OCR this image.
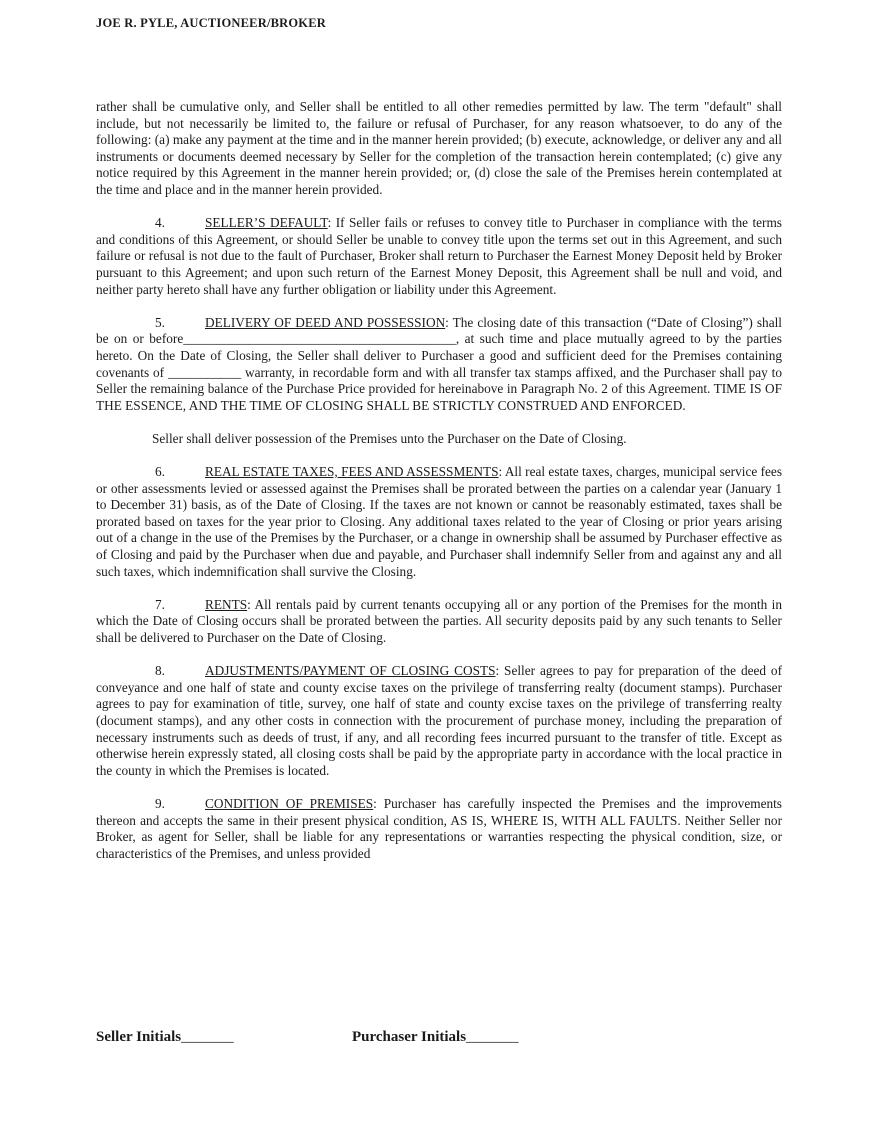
JOE R. PYLE, AUCTIONEER/BROKER

rather shall be cumulative only, and Seller shall be entitled to all other remedies permitted by law. The term "default" shall include, but not necessarily be limited to, the failure or refusal of Purchaser, for any reason whatsoever, to do any of the following: (a) make any payment at the time and in the manner herein provided; (b) execute, acknowledge, or deliver any and all instruments or documents deemed necessary by Seller for the completion of the transaction herein contemplated; (c) give any notice required by this Agreement in the manner herein provided; or, (d) close the sale of the Premises herein contemplated at the time and place and in the manner herein provided.

4.	SELLER’S DEFAULT: If Seller fails or refuses to convey title to Purchaser in compliance with the terms and conditions of this Agreement, or should Seller be unable to convey title upon the terms set out in this Agreement, and such failure or refusal is not due to the fault of Purchaser, Broker shall return to Purchaser the Earnest Money Deposit held by Broker pursuant to this Agreement; and upon such return of the Earnest Money Deposit, this Agreement shall be null and void, and neither party hereto shall have any further obligation or liability under this Agreement.

5.	DELIVERY OF DEED AND POSSESSION: The closing date of this transaction (“Date of Closing”) shall be on or before_________________________________________, at such time and place mutually agreed to by the parties hereto. On the Date of Closing, the Seller shall deliver to Purchaser a good and sufficient deed for the Premises containing covenants of ___________ warranty, in recordable form and with all transfer tax stamps affixed, and the Purchaser shall pay to Seller the remaining balance of the Purchase Price provided for hereinabove in Paragraph No. 2 of this Agreement. TIME IS OF THE ESSENCE, AND THE TIME OF CLOSING SHALL BE STRICTLY CONSTRUED AND ENFORCED.

Seller shall deliver possession of the Premises unto the Purchaser on the Date of Closing.

6.	REAL ESTATE TAXES, FEES AND ASSESSMENTS: All real estate taxes, charges, municipal service fees or other assessments levied or assessed against the Premises shall be prorated between the parties on a calendar year (January 1 to December 31) basis, as of the Date of Closing. If the taxes are not known or cannot be reasonably estimated, taxes shall be prorated based on taxes for the year prior to Closing. Any additional taxes related to the year of Closing or prior years arising out of a change in the use of the Premises by the Purchaser, or a change in ownership shall be assumed by Purchaser effective as of Closing and paid by the Purchaser when due and payable, and Purchaser shall indemnify Seller from and against any and all such taxes, which indemnification shall survive the Closing.

7.	RENTS: All rentals paid by current tenants occupying all or any portion of the Premises for the month in which the Date of Closing occurs shall be prorated between the parties. All security deposits paid by any such tenants to Seller shall be delivered to Purchaser on the Date of Closing.

8.	ADJUSTMENTS/PAYMENT OF CLOSING COSTS: Seller agrees to pay for preparation of the deed of conveyance and one half of state and county excise taxes on the privilege of transferring realty (document stamps). Purchaser agrees to pay for examination of title, survey, one half of state and county excise taxes on the privilege of transferring realty (document stamps), and any other costs in connection with the procurement of purchase money, including the preparation of necessary instruments such as deeds of trust, if any, and all recording fees incurred pursuant to the transfer of title. Except as otherwise herein expressly stated, all closing costs shall be paid by the appropriate party in accordance with the local practice in the county in which the Premises is located.

9.	CONDITION OF PREMISES: Purchaser has carefully inspected the Premises and the improvements thereon and accepts the same in their present physical condition, AS IS, WHERE IS, WITH ALL FAULTS. Neither Seller nor Broker, as agent for Seller, shall be liable for any representations or warranties respecting the physical condition, size, or characteristics of the Premises, and unless provided

Seller Initials_______	Purchaser Initials_______
